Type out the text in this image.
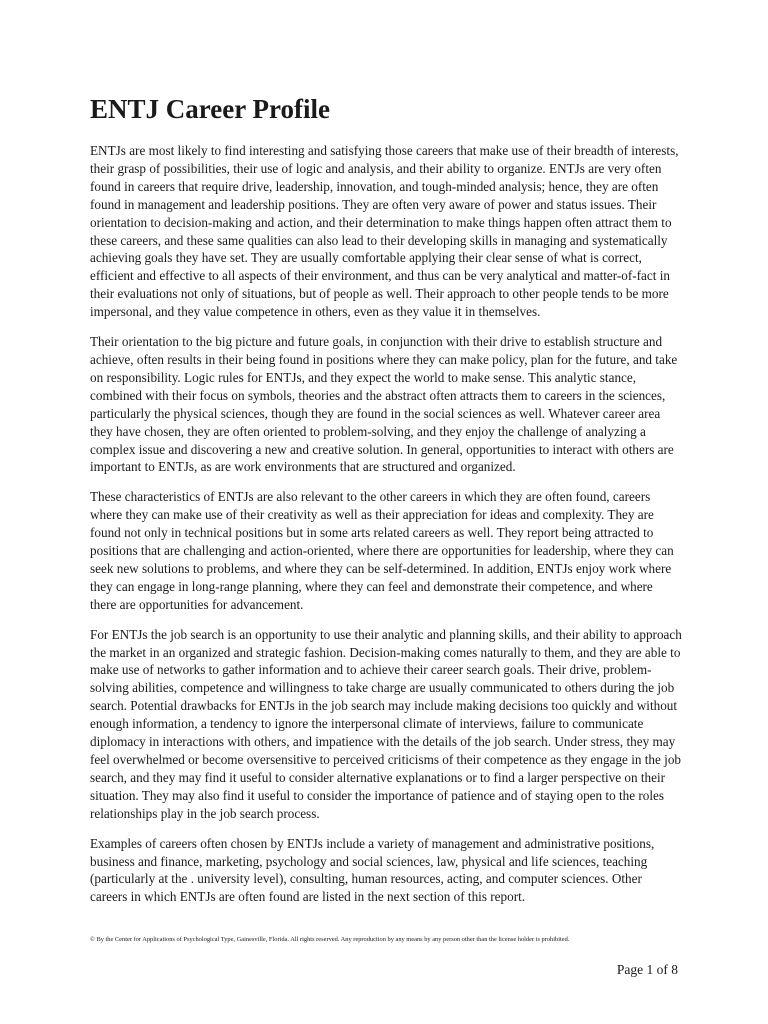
ENTJ Career Profile

ENTJs are most likely to find interesting and satisfying those careers that make use of their breadth of interests, their grasp of possibilities, their use of logic and analysis, and their ability to organize. ENTJs are very often found in careers that require drive, leadership, innovation, and tough-minded analysis; hence, they are often found in management and leadership positions. They are often very aware of power and status issues. Their orientation to decision-making and action, and their determination to make things happen often attract them to these careers, and these same qualities can also lead to their developing skills in managing and systematically achieving goals they have set. They are usually comfortable applying their clear sense of what is correct, efficient and effective to all aspects of their environment, and thus can be very analytical and matter-of-fact in their evaluations not only of situations, but of people as well. Their approach to other people tends to be more impersonal, and they value competence in others, even as they value it in themselves.

Their orientation to the big picture and future goals, in conjunction with their drive to establish structure and achieve, often results in their being found in positions where they can make policy, plan for the future, and take on responsibility. Logic rules for ENTJs, and they expect the world to make sense. This analytic stance, combined with their focus on symbols, theories and the abstract often attracts them to careers in the sciences, particularly the physical sciences, though they are found in the social sciences as well. Whatever career area they have chosen, they are often oriented to problem-solving, and they enjoy the challenge of analyzing a complex issue and discovering a new and creative solution. In general, opportunities to interact with others are important to ENTJs, as are work environments that are structured and organized.

These characteristics of ENTJs are also relevant to the other careers in which they are often found, careers where they can make use of their creativity as well as their appreciation for ideas and complexity. They are found not only in technical positions but in some arts related careers as well. They report being attracted to positions that are challenging and action-oriented, where there are opportunities for leadership, where they can seek new solutions to problems, and where they can be self-determined. In addition, ENTJs enjoy work where they can engage in long-range planning, where they can feel and demonstrate their competence, and where there are opportunities for advancement.

For ENTJs the job search is an opportunity to use their analytic and planning skills, and their ability to approach the market in an organized and strategic fashion. Decision-making comes naturally to them, and they are able to make use of networks to gather information and to achieve their career search goals. Their drive, problem-solving abilities, competence and willingness to take charge are usually communicated to others during the job search. Potential drawbacks for ENTJs in the job search may include making decisions too quickly and without enough information, a tendency to ignore the interpersonal climate of interviews, failure to communicate diplomacy in interactions with others, and impatience with the details of the job search. Under stress, they may feel overwhelmed or become oversensitive to perceived criticisms of their competence as they engage in the job search, and they may find it useful to consider alternative explanations or to find a larger perspective on their situation. They may also find it useful to consider the importance of patience and of staying open to the roles relationships play in the job search process.

Examples of careers often chosen by ENTJs include a variety of management and administrative positions, business and finance, marketing, psychology and social sciences, law, physical and life sciences, teaching (particularly at the . university level), consulting, human resources, acting, and computer sciences. Other careers in which ENTJs are often found are listed in the next section of this report.

© By the Center for Applications of Psychological Type, Gainesville, Florida. All rights reserved. Any reproduction by any means by any person other than the license holder is prohibited.

Page 1 of 8
